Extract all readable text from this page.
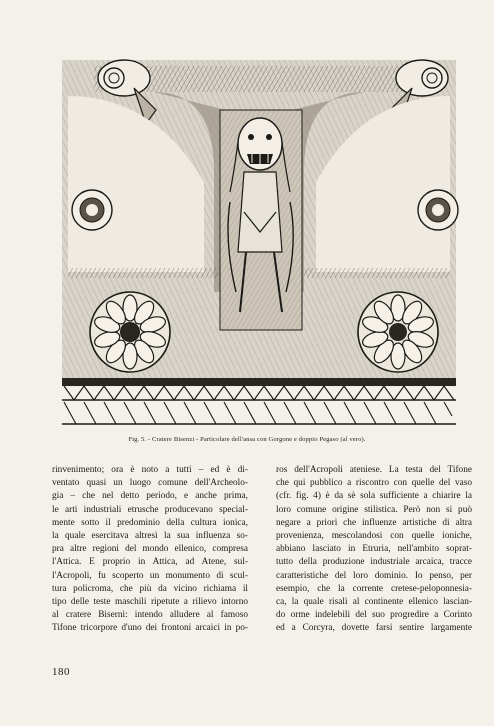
Fig. 5. - Cratere Bisenzi - Particolare dell'ansa con Gorgone e doppio Pegaso (al vero).
rinvenimento; ora è noto a tutti – ed è di-
ventato quasi un luogo comune dell'Archeolo-
gia – che nel detto periodo, e anche prima,
le arti industriali etrusche producevano special-
mente sotto il predominio della cultura ionica,
la quale esercitava altresì la sua influenza so-
pra altre regioni del mondo ellenico, compresa
l'Attica. E proprio in Attica, ad Atene, sul-
l'Acropoli, fu scoperto un monumento di scul-
tura policroma, che più da vicino richiama il
tipo delle teste maschili ripetute a rilievo intorno
al cratere Biserni: intendo alludere al famoso
Tifone tricorpore d'uno dei frontoni arcaici in po-
ros dell'Acropoli ateniese. La testa del Tifone
che qui pubblico a riscontro con quelle del vaso
(cfr. fig. 4) è da sè sola sufficiente a chiarire la
loro comune origine stilistica. Però non si può
negare a priori che influenze artistiche di altra
provenienza, mescolandosi con quelle ioniche,
abbiano lasciato in Etruria, nell'ambito soprat-
tutto della produzione industriale arcaica, tracce
caratteristiche del loro dominio. Io penso, per
esempio, che la corrente cretese-peloponnesia-
ca, la quale risalì al continente ellenico lascian-
do orme indelebili del suo progredire a Corinto
ed a Corcyra, dovette farsi sentire largamente
180
